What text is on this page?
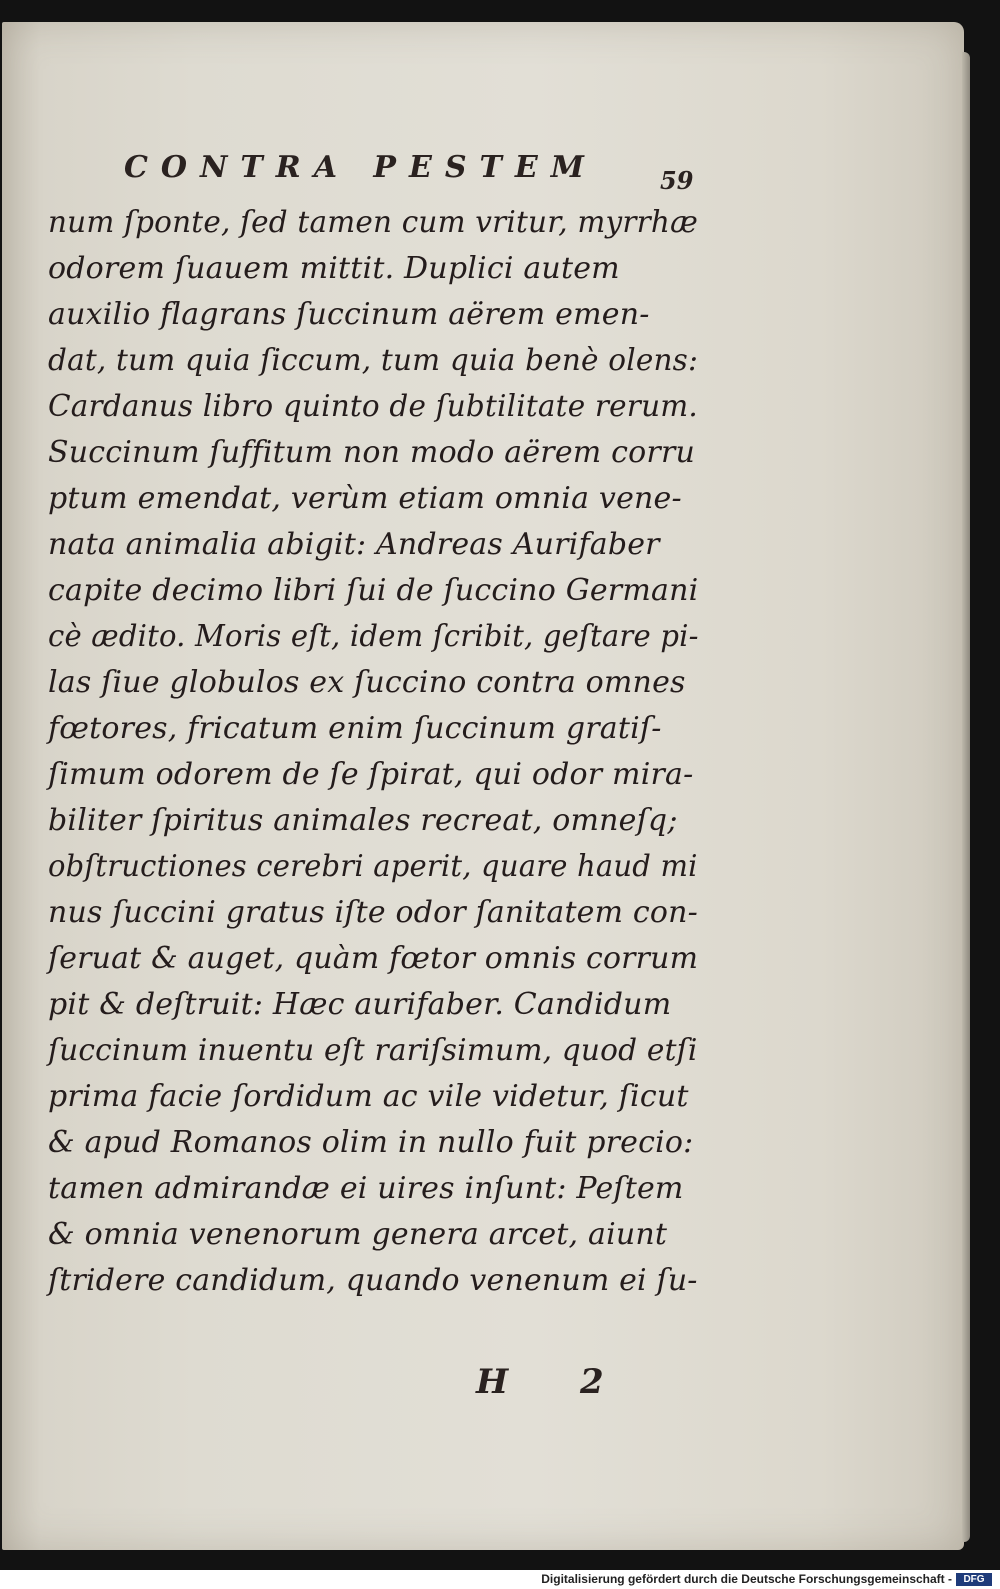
CONTRA PESTEM	59
num ſponte, ſed tamen cum vritur, myrrhæ
odorem ſuauem mittit. Duplici autem
auxilio flagrans ſuccinum aërem emen-
dat, tum quia ſiccum, tum quia benè olens:
Cardanus libro quinto de ſubtilitate rerum.
Succinum ſuffitum non modo aërem corru
ptum emendat, verùm etiam omnia vene-
nata animalia abigit: Andreas Aurifaber
capite decimo libri ſui de ſuccino Germani
cè ædito. Moris eſt, idem ſcribit, geſtare pi-
las ſiue globulos ex ſuccino contra omnes
fœtores, fricatum enim ſuccinum gratiſ-
ſimum odorem de ſe ſpirat, qui odor mira-
biliter ſpiritus animales recreat, omneſq;
obſtructiones cerebri aperit, quare haud mi
nus ſuccini gratus iſte odor ſanitatem con-
ſeruat & auget, quàm fœtor omnis corrum
pit & deſtruit: Hæc aurifaber. Candidum
ſuccinum inuentu eſt rariſsimum, quod etſi
prima facie ſordidum ac vile videtur, ſicut
& apud Romanos olim in nullo fuit precio:
tamen admirandæ ei uires inſunt: Peſtem
& omnia venenorum genera arcet, aiunt
ſtridere candidum, quando venenum ei ſu-
H 2
Digitalisierung gefördert durch die Deutsche Forschungsgemeinschaft -	DFG
